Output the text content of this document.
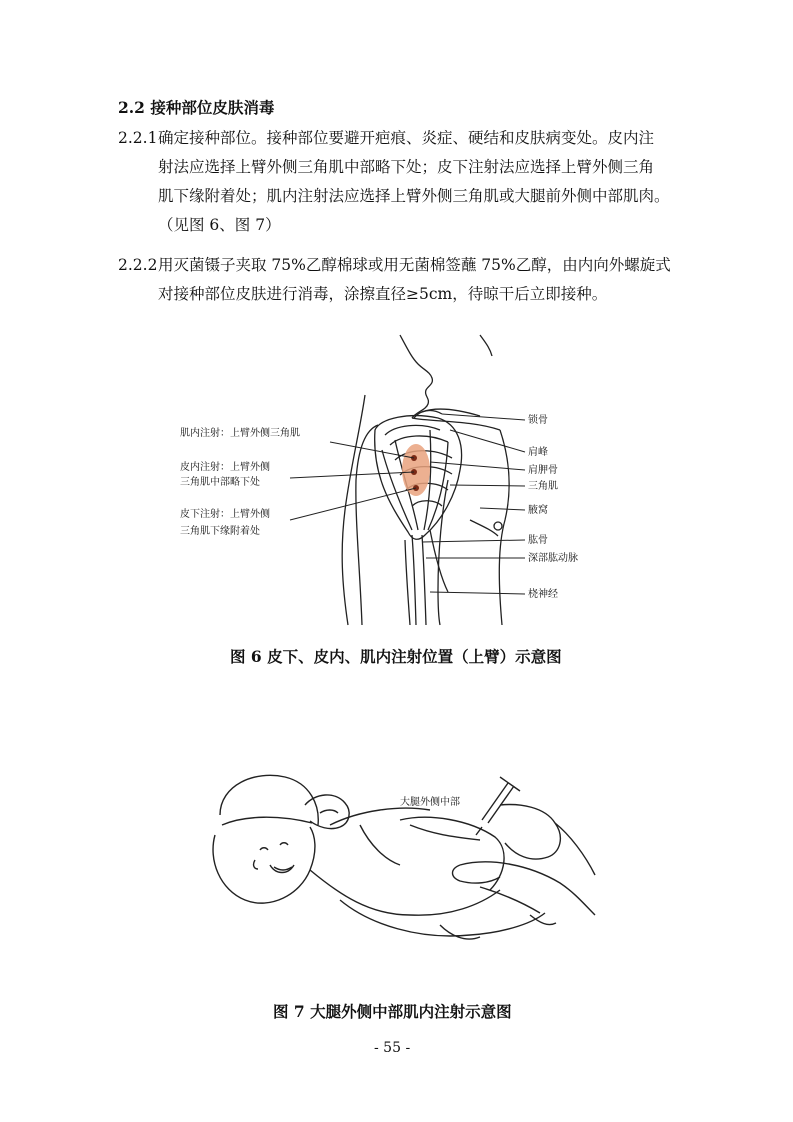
2.2 接种部位皮肤消毒
2.2.1 确定接种部位。接种部位要避开疤痕、炎症、硬结和皮肤病变处。皮内注
射法应选择上臂外侧三角肌中部略下处；皮下注射法应选择上臂外侧三角
肌下缘附着处；肌内注射法应选择上臂外侧三角肌或大腿前外侧中部肌肉。
（见图 6、图 7）
2.2.2 用灭菌镊子夹取 75%乙醇棉球或用无菌棉签蘸 75%乙醇，由内向外螺旋式
对接种部位皮肤进行消毒，涂擦直径≥5cm，待晾干后立即接种。
肌内注射：上臂外侧三角肌
皮内注射：上臂外侧
三角肌中部略下处
皮下注射：上臂外侧
三角肌下缘附着处
锁骨
肩峰
肩胛骨
三角肌
腋窝
肱骨
深部肱动脉
桡神经
图 6 皮下、皮内、肌内注射位置（上臂）示意图
大腿外侧中部
图 7 大腿外侧中部肌内注射示意图
- 55 -
